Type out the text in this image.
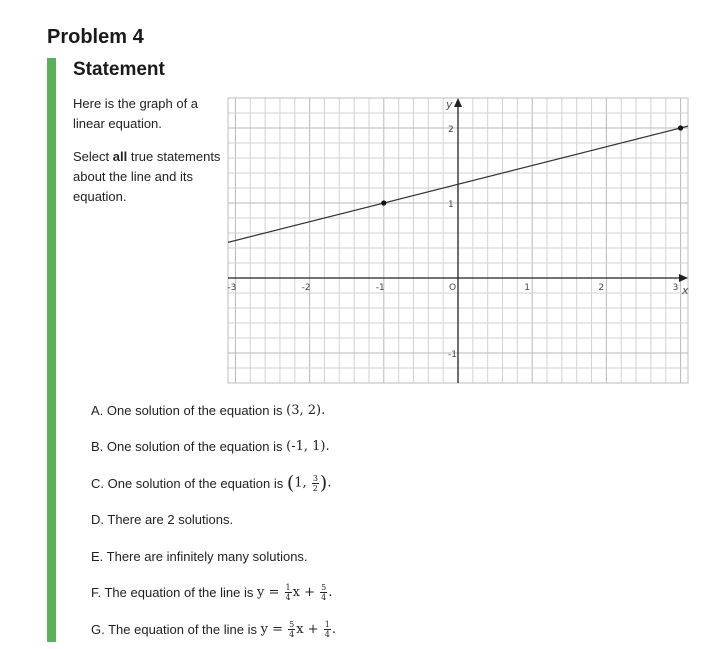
Problem 4
Statement

Here is the graph of a linear equation.

Select all true statements about the line and its equation.

x
y
-3	-2	-1	O	1	2	3
2
1
-1
A. One solution of the equation is
(3, 2).
B. One solution of the equation is
(-1, 1).
C. One solution of the equation is
(1, $\frac{3}{2}$ ).
D. There are 2 solutions.
E. There are infinitely many solutions.
F. The equation of the line is
$y = \frac{1}{4}$ $x + \frac{5}{4}$ .
G. The equation of the line is
$y = \frac{5}{4}$ $x + \frac{1}{4}$ .
